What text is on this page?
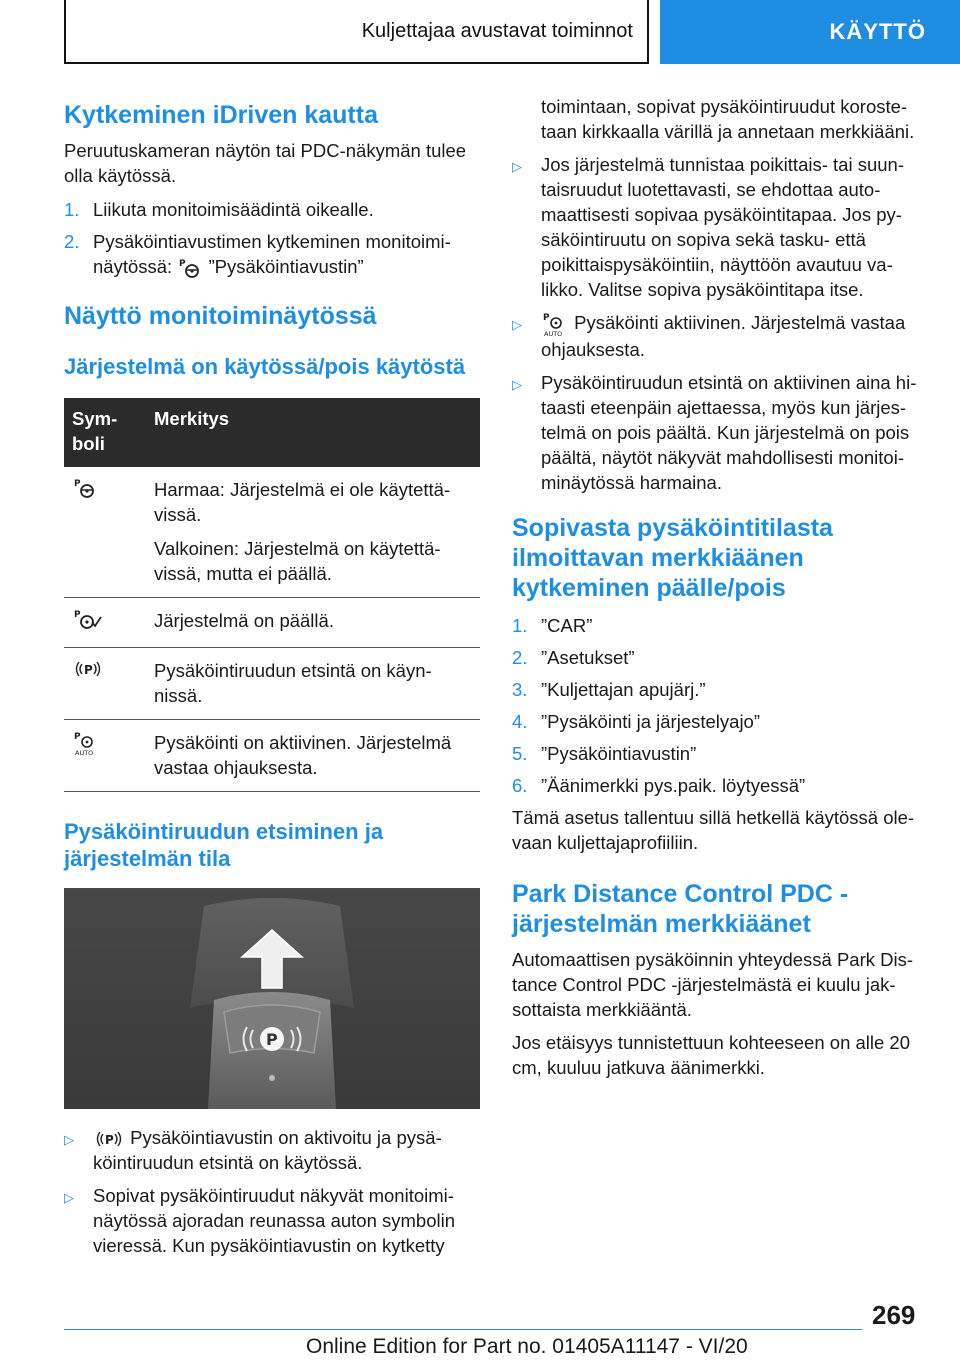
Kuljettajaa avustavat toiminnot	KÄYTTÖ
Kytkeminen iDriven kautta

Peruutuskameran näytön tai PDC-näkymän tulee olla käytössä.

1. Liikuta monitoimisäädintä oikealle.
2. Pysäköintiavustimen kytkeminen monitoiminäytössä: P ”Pysäköintiavustin”
Näyttö monitoiminäytössä
Järjestelmä on käytössä/pois käytöstä
Symboli	Merkitys

P	Harmaa: Järjestelmä ei ole käytettävissä.

Valkoinen: Järjestelmä on käytettävissä, mutta ei päällä.

P	Järjestelmä on päällä.

P	Pysäköintiruudun etsintä on käynnissä.

P
AUTO	Pysäköinti on aktiivinen. Järjestelmä vastaa ohjauksesta.

Pysäköintiruudun etsiminen ja järjestelmän tila
P
▷	P Pysäköintiavustin on aktivoitu ja pysäköintiruudun etsintä on käytössä.
▷	Sopivat pysäköintiruudut näkyvät monitoiminäytössä ajoradan reunassa auton symbolin vieressä. Kun pysäköintiavustin on kytketty

toimintaan, sopivat pysäköintiruudut korostetaan kirkkaalla värillä ja annetaan merkkiääni.

▷	Jos järjestelmä tunnistaa poikittais- tai suuntaisruudut luotettavasti, se ehdottaa automaattisesti sopivaa pysäköintitapaa. Jos pysäköintiruutu on sopiva sekä tasku- että poikittaispysäköintiin, näyttöön avautuu valikko. Valitse sopiva pysäköintitapa itse.
▷	P
AUTO
Pysäköinti aktiivinen. Järjestelmä vastaa ohjauksesta.
▷	Pysäköintiruudun etsintä on aktiivinen aina hitaasti eteenpäin ajettaessa, myös kun järjestelmä on pois päältä. Kun järjestelmä on pois päältä, näytöt näkyvät mahdollisesti monitoiminäytössä harmaina.
Sopivasta pysäköintitilasta ilmoittavan merkkiäänen kytkeminen päälle/pois
1. ”CAR”
2. ”Asetukset”
3. ”Kuljettajan apujärj.”
4. ”Pysäköinti ja järjestelyajo”
5. ”Pysäköintiavustin”
6. ”Äänimerkki pys.paik. löytyessä”

Tämä asetus tallentuu sillä hetkellä käytössä olevaan kuljettajaprofiiliin.

Park Distance Control PDC -järjestelmän merkkiäänet

Automaattisen pysäköinnin yhteydessä Park Distance Control PDC -järjestelmästä ei kuulu jaksottaista merkkiääntä.

Jos etäisyys tunnistettuun kohteeseen on alle 20 cm, kuuluu jatkuva äänimerkki.

269
Online Edition for Part no. 01405A11147 - VI/20
